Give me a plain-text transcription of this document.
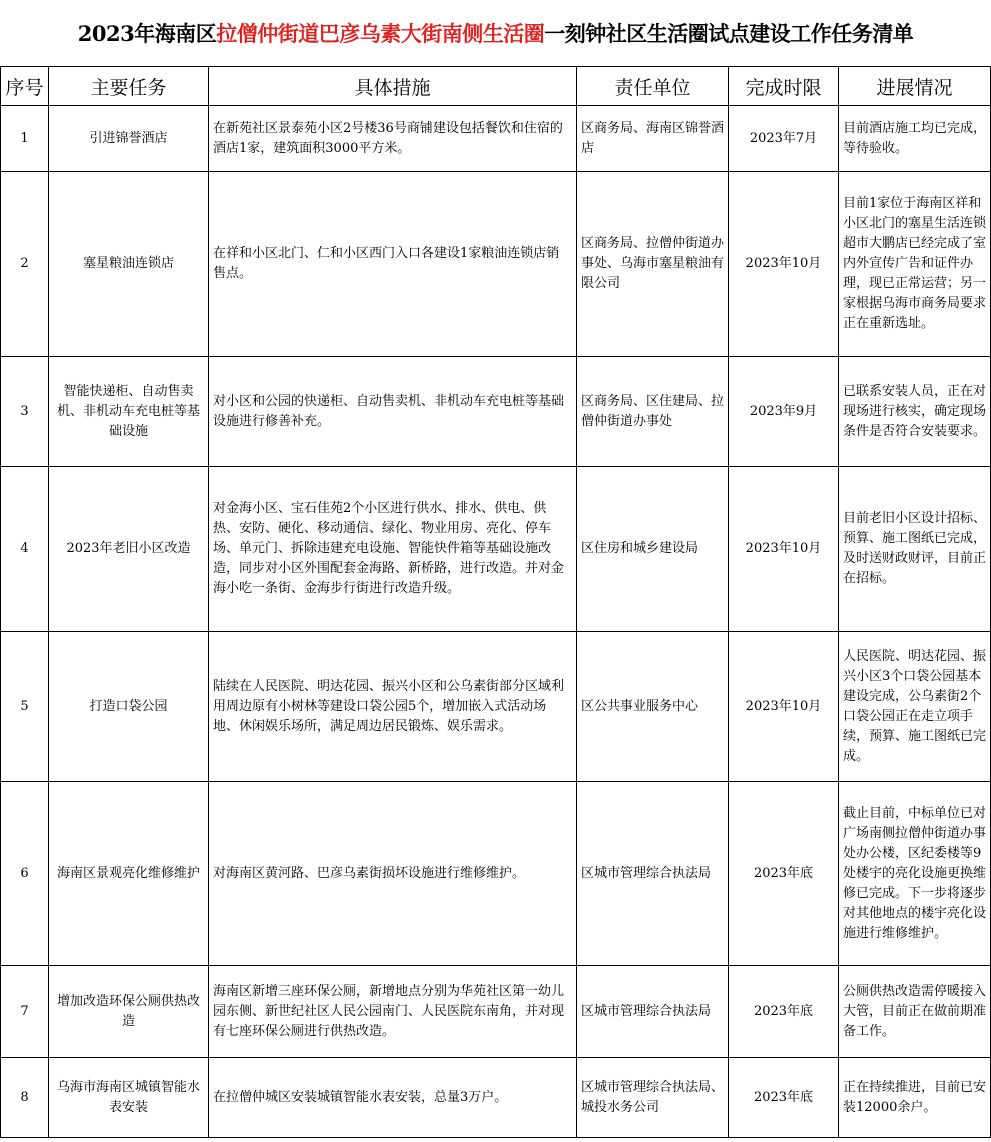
2023年海南区 拉僧仲街道巴彦乌素大街南侧生活圈 一刻钟社区生活圈试点建设工作任务清单
序号	主要任务	具体措施	责任单位	完成时限	进展情况
1	引进锦誉酒店	在新苑社区景泰苑小区2号楼36号商铺建设包括餐饮和住宿的酒店1家，建筑面积3000平方米。	区商务局、海南区锦誉酒店	2023年7月	目前酒店施工均已完成，等待验收。
2	塞星粮油连锁店	在祥和小区北门、仁和小区西门入口各建设1家粮油连锁店销售点。	区商务局、拉僧仲街道办事处、乌海市塞星粮油有限公司	2023年10月	目前1家位于海南区祥和小区北门的塞星生活连锁超市大鹏店已经完成了室内外宣传广告和证件办理，现已正常运营；另一家根据乌海市商务局要求正在重新选址。
3	智能快递柜、自动售卖机、非机动车充电桩等基础设施	对小区和公园的快递柜、自动售卖机、非机动车充电桩等基础设施进行修善补充。	区商务局、区住建局、拉僧仲街道办事处	2023年9月	已联系安装人员，正在对现场进行核实，确定现场条件是否符合安装要求。
4	2023年老旧小区改造	对金海小区、宝石佳苑2个小区进行供水、排水、供电、供热、安防、硬化、移动通信、绿化、物业用房、亮化、停车场、单元门、拆除违建充电设施、智能快件箱等基础设施改造，同步对小区外围配套金海路、新桥路，进行改造。并对金海小吃一条街、金海步行街进行改造升级。	区住房和城乡建设局	2023年10月	目前老旧小区设计招标、预算、施工图纸已完成，及时送财政财评，目前正在招标。
5	打造口袋公园	陆续在人民医院、明达花园、振兴小区和公乌素街部分区域利用周边原有小树林等建设口袋公园5个，增加嵌入式活动场地、休闲娱乐场所，满足周边居民锻炼、娱乐需求。	区公共事业服务中心	2023年10月	人民医院、明达花园、振兴小区3个口袋公园基本建设完成，公乌素街2个口袋公园正在走立项手续，预算、施工图纸已完成。
6	海南区景观亮化维修维护	对海南区黄河路、巴彦乌素街损坏设施进行维修维护。	区城市管理综合执法局	2023年底	截止目前，中标单位已对广场南侧拉僧仲街道办事处办公楼，区纪委楼等9处楼宇的亮化设施更换维修已完成。下一步将逐步对其他地点的楼宇亮化设施进行维修维护。
7	增加改造环保公厕供热改造	海南区新增三座环保公厕，新增地点分别为华苑社区第一幼儿园东侧、新世纪社区人民公园南门、人民医院东南角，并对现有七座环保公厕进行供热改造。	区城市管理综合执法局	2023年底	公厕供热改造需停暖接入大管，目前正在做前期准备工作。
8	乌海市海南区城镇智能水表安装	在拉僧仲城区安装城镇智能水表安装，总量3万户。	区城市管理综合执法局、城投水务公司	2023年底	正在持续推进，目前已安装12000余户。
